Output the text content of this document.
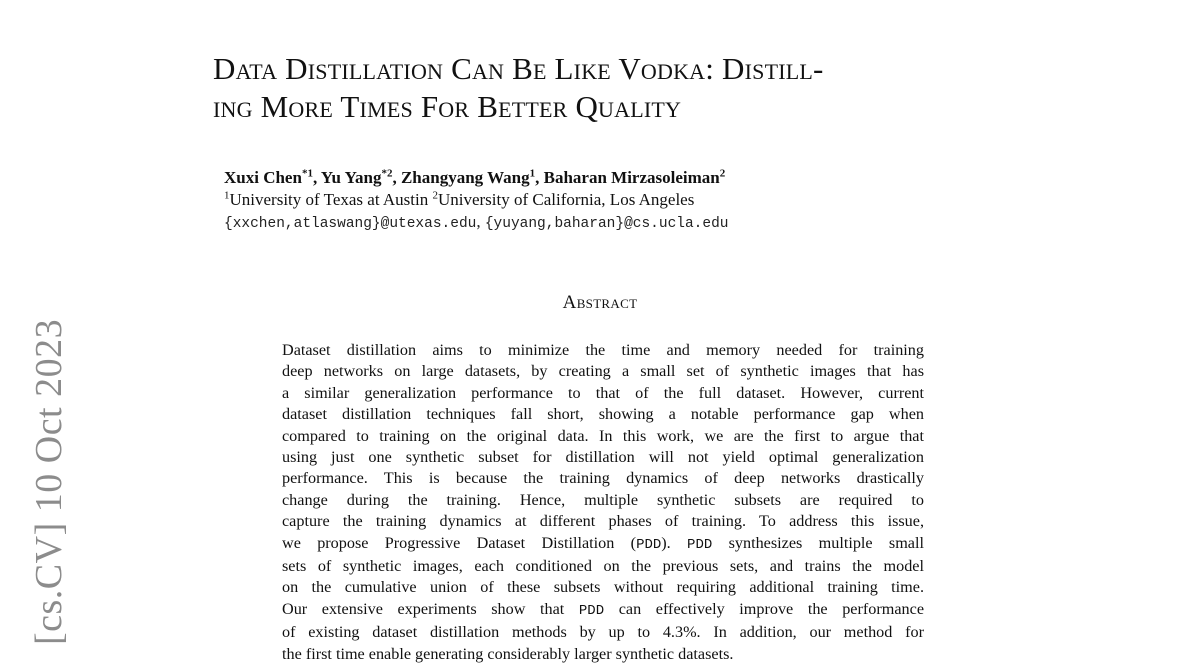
[cs.CV] 10 Oct 2023
Data Distillation Can Be Like Vodka: Distill-
ing More Times For Better Quality
Xuxi Chen$^{*1}$, Yu Yang$^{*2}$, Zhangyang Wang$^1$, Baharan Mirzasoleiman$^2$
$^1$University of Texas at Austin $^2$University of California, Los Angeles
{xxchen,atlaswang}@utexas.edu, {yuyang,baharan}@cs.ucla.edu
Abstract
Dataset distillation aims to minimize the time and memory needed for training
deep networks on large datasets, by creating a small set of synthetic images that has
a similar generalization performance to that of the full dataset. However, current
dataset distillation techniques fall short, showing a notable performance gap when
compared to training on the original data. In this work, we are the first to argue that
using just one synthetic subset for distillation will not yield optimal generalization
performance. This is because the training dynamics of deep networks drastically
change during the training. Hence, multiple synthetic subsets are required to
capture the training dynamics at different phases of training. To address this issue,
we propose Progressive Dataset Distillation (PDD). PDD synthesizes multiple small
sets of synthetic images, each conditioned on the previous sets, and trains the model
on the cumulative union of these subsets without requiring additional training time.
Our extensive experiments show that PDD can effectively improve the performance
of existing dataset distillation methods by up to 4.3%. In addition, our method for
the first time enable generating considerably larger synthetic datasets.
